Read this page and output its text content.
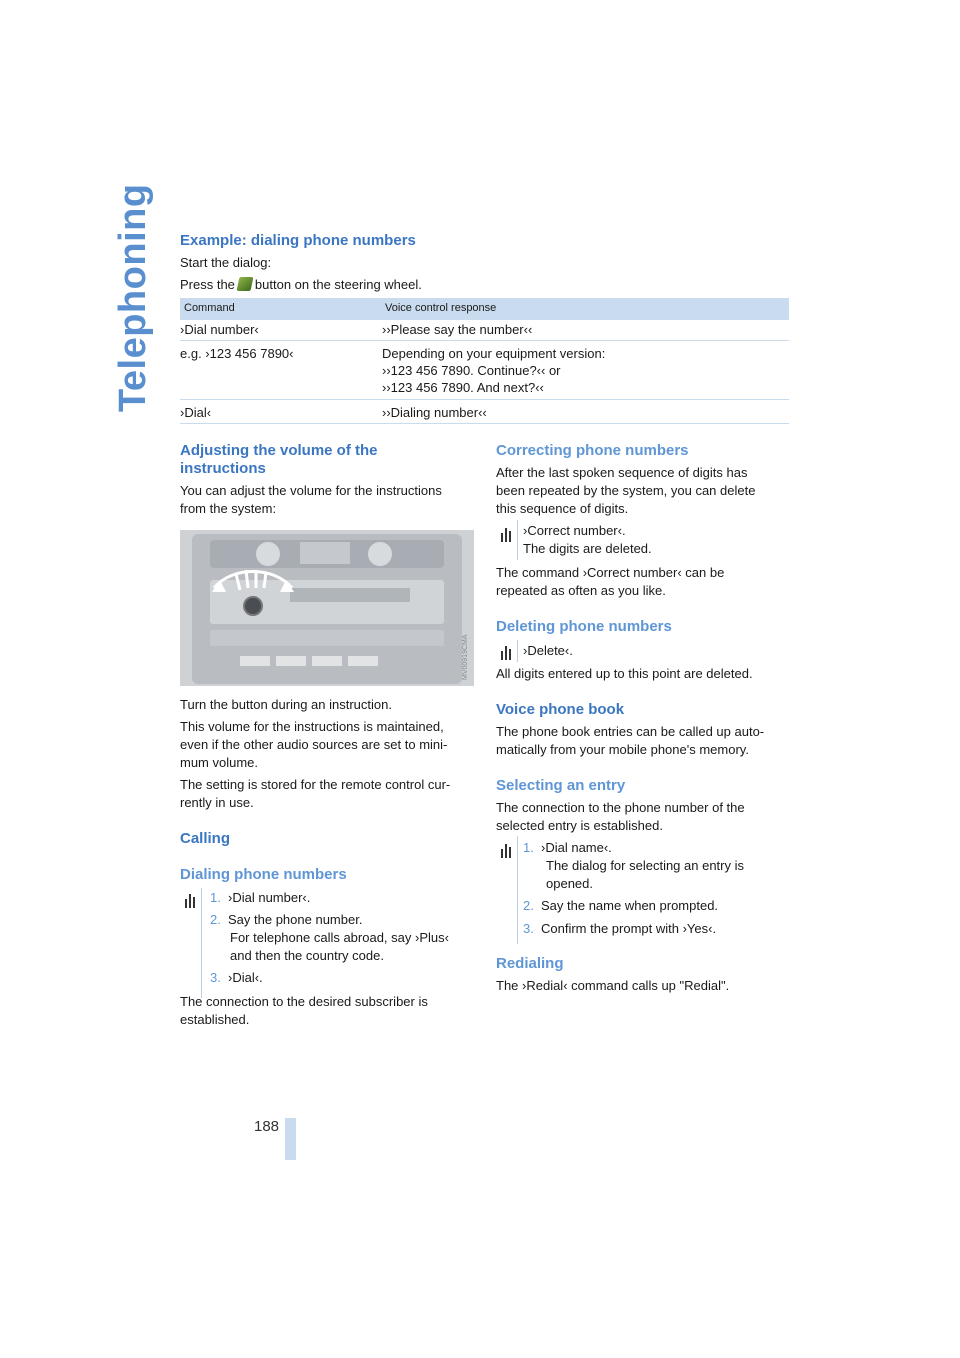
Telephoning
188
Example: dialing phone numbers
Start the dialog:
Press the button on the steering wheel.
Command	Voice control response
›Dial number‹	››Please say the number‹‹
e.g. ›123 456 7890‹	Depending on your equipment version:
››123 456 7890. Continue?‹‹ or
››123 456 7890. And next?‹‹
›Dial‹	››Dialing number‹‹
Adjusting the volume of the
instructions
You can adjust the volume for the instructions
from the system:
MV00919CMA
Turn the button during an instruction.
This volume for the instructions is maintained,
even if the other audio sources are set to mini-
mum volume.
The setting is stored for the remote control cur-
rently in use.
Calling
Dialing phone numbers
1. ›Dial number‹.
2. Say the phone number.
For telephone calls abroad, say ›Plus‹
and then the country code.
3. ›Dial‹.
The connection to the desired subscriber is
established.
Correcting phone numbers
After the last spoken sequence of digits has
been repeated by the system, you can delete
this sequence of digits.
›Correct number‹.
The digits are deleted.
The command ›Correct number‹ can be
repeated as often as you like.
Deleting phone numbers
›Delete‹.
All digits entered up to this point are deleted.
Voice phone book
The phone book entries can be called up auto-
matically from your mobile phone's memory.
Selecting an entry
The connection to the phone number of the
selected entry is established.
1. ›Dial name‹.
The dialog for selecting an entry is
opened.
2. Say the name when prompted.
3. Confirm the prompt with ›Yes‹.
Redialing
The ›Redial‹ command calls up "Redial".
